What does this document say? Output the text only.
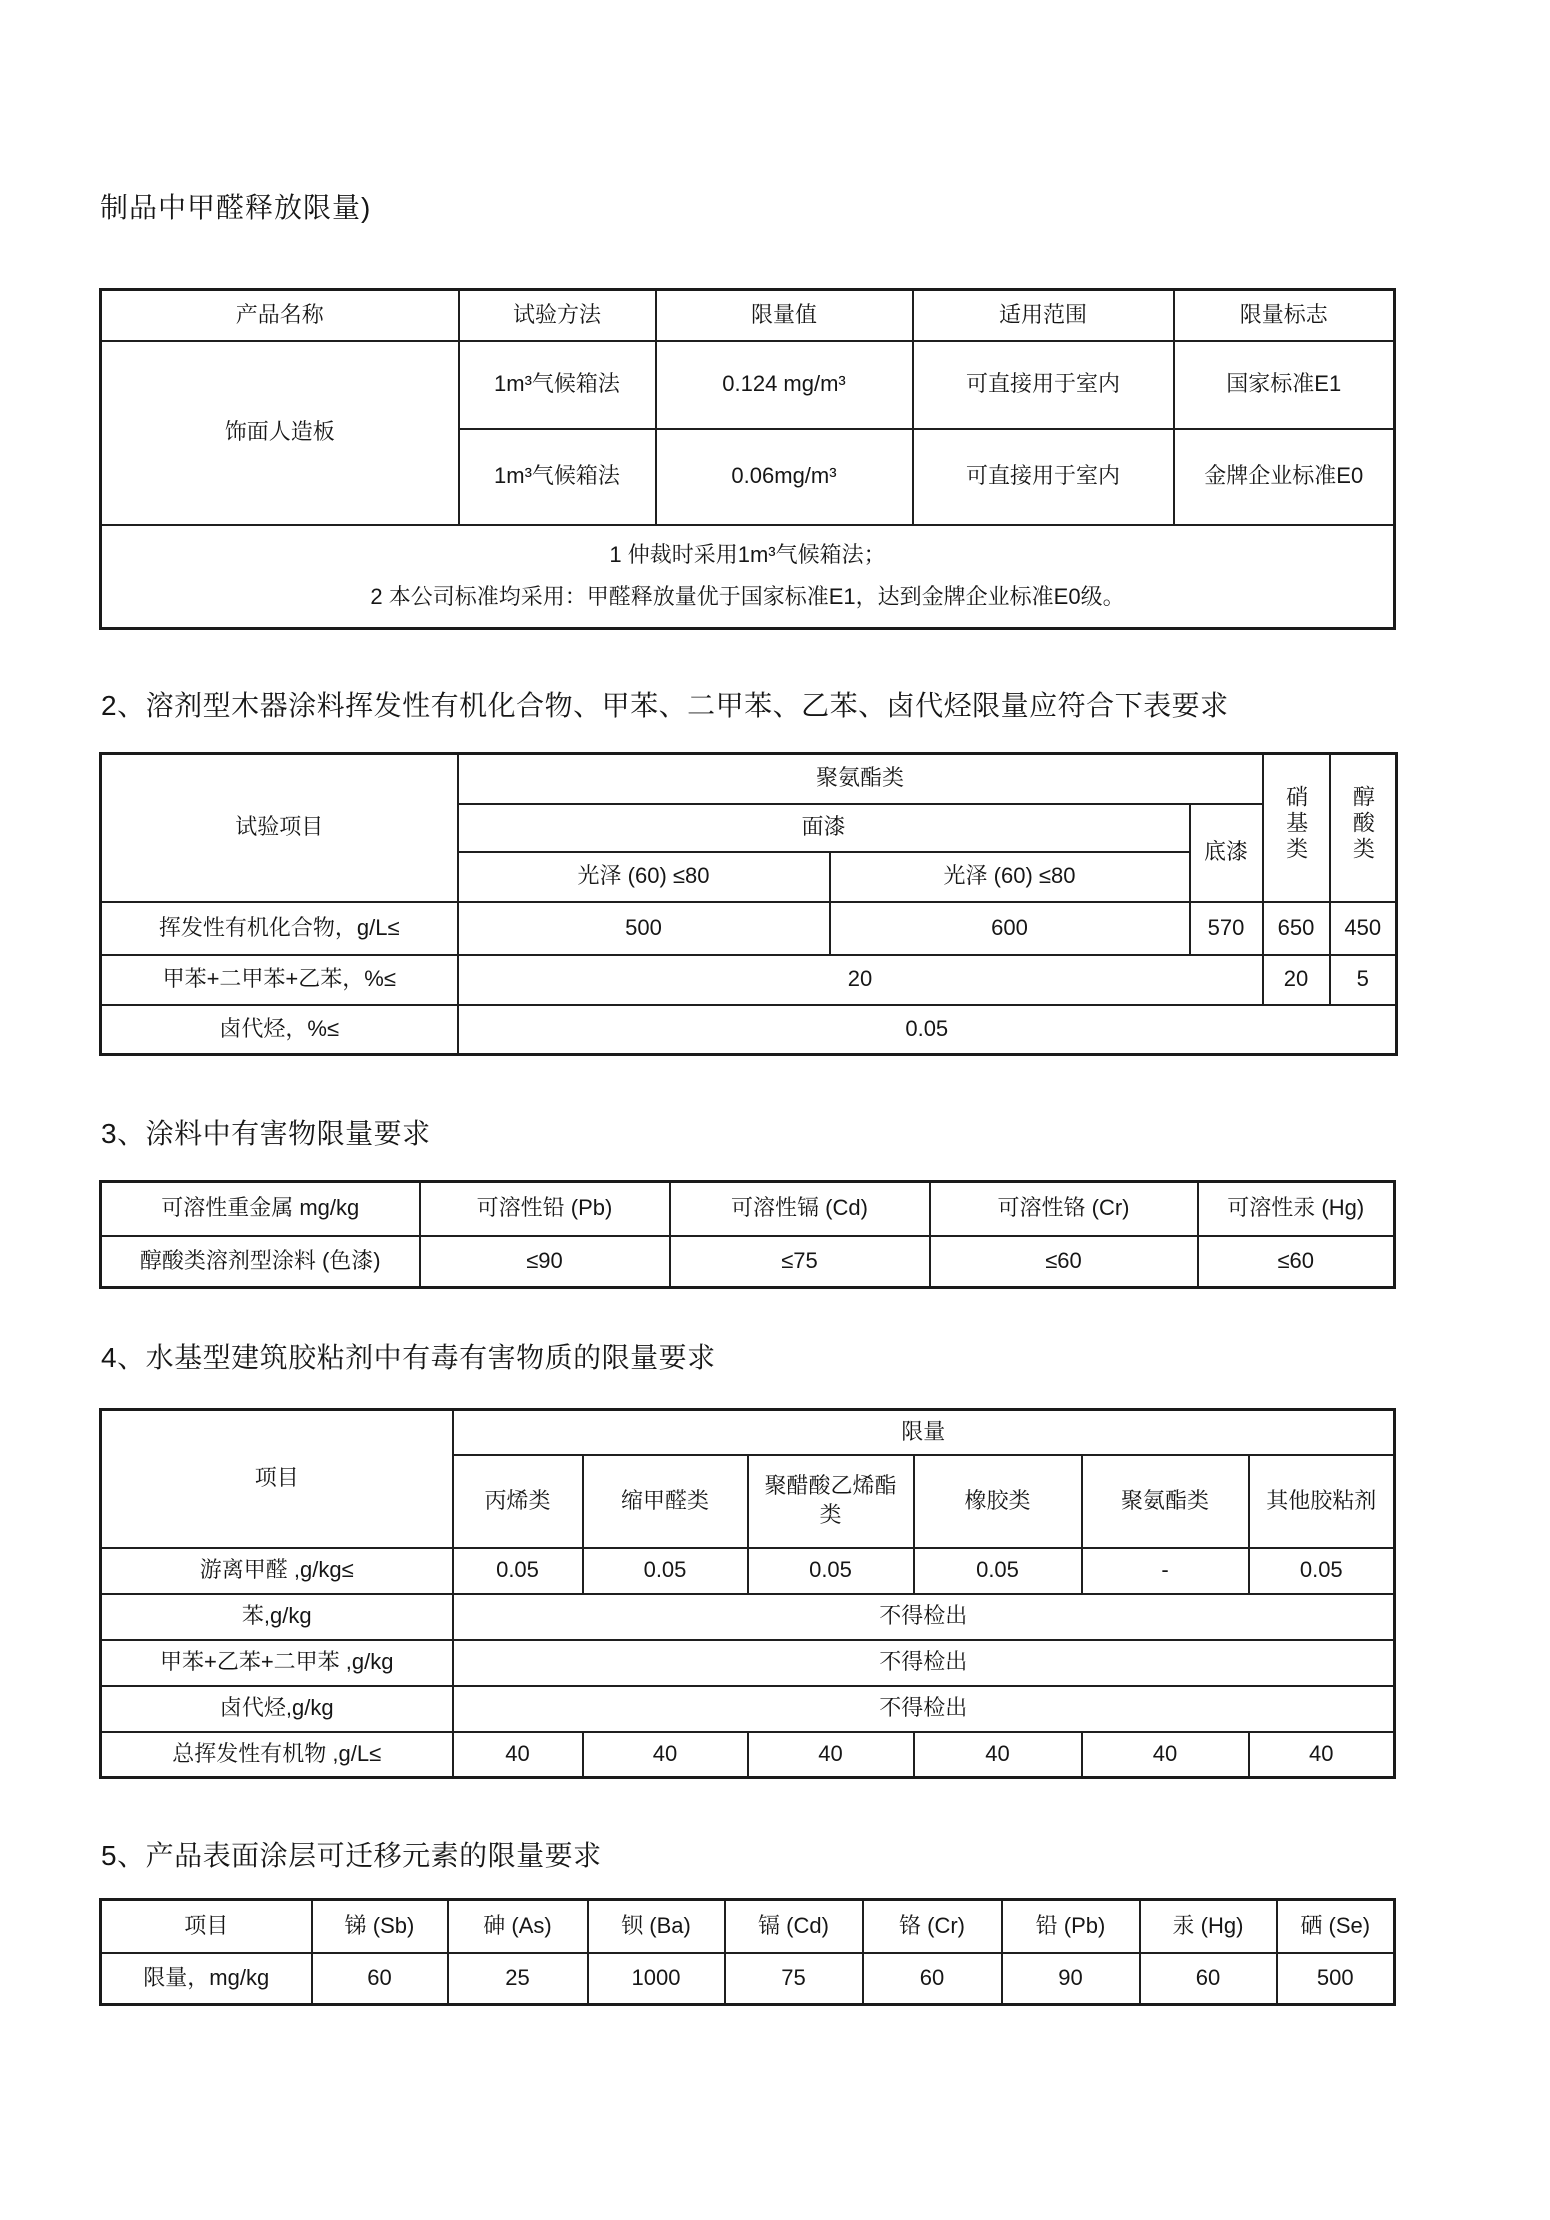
制品中甲醛释放限量)
产品名称	试验方法	限量值	适用范围	限量标志
饰面人造板	1m³气候箱法	0.124 mg/m³	可直接用于室内	国家标准E1
	1m³气候箱法	0.06mg/m³	可直接用于室内	金牌企业标准E0

1 仲裁时采用1m³气候箱法；
2 本公司标准均采用：甲醛释放量优于国家标准E1，达到金牌企业标准E0级。				
2、溶剂型木器涂料挥发性有机化合物、甲苯、二甲苯、乙苯、卤代烃限量应符合下表要求
试验项目	聚氨酯类			硝基类	醇酸类
	面漆		底漆		
	光泽 (60) ≤80	光泽 (60) ≤80			
挥发性有机化合物，g/L≤	500	600	570	650	450
甲苯+二甲苯+乙苯，%≤	20			20	5
卤代烃，%≤	0.05				
3、涂料中有害物限量要求
可溶性重金属 mg/kg	可溶性铅 (Pb)	可溶性镉 (Cd)	可溶性铬 (Cr)	可溶性汞 (Hg)
醇酸类溶剂型涂料 (色漆)	≤90	≤75	≤60	≤60
4、水基型建筑胶粘剂中有毒有害物质的限量要求
项目	限量					
	丙烯类	缩甲醛类	聚醋酸乙烯酯类	橡胶类	聚氨酯类	其他胶粘剂
游离甲醛 ,g/kg≤	0.05	0.05	0.05	0.05	-	0.05
苯,g/kg	不得检出					
甲苯+乙苯+二甲苯 ,g/kg	不得检出					
卤代烃,g/kg	不得检出					
总挥发性有机物 ,g/L≤	40	40	40	40	40	40
5、产品表面涂层可迁移元素的限量要求
项目	锑 (Sb)	砷 (As)	钡 (Ba)	镉 (Cd)	铬 (Cr)	铅 (Pb)	汞 (Hg)	硒 (Se)
限量，mg/kg	60	25	1000	75	60	90	60	500
